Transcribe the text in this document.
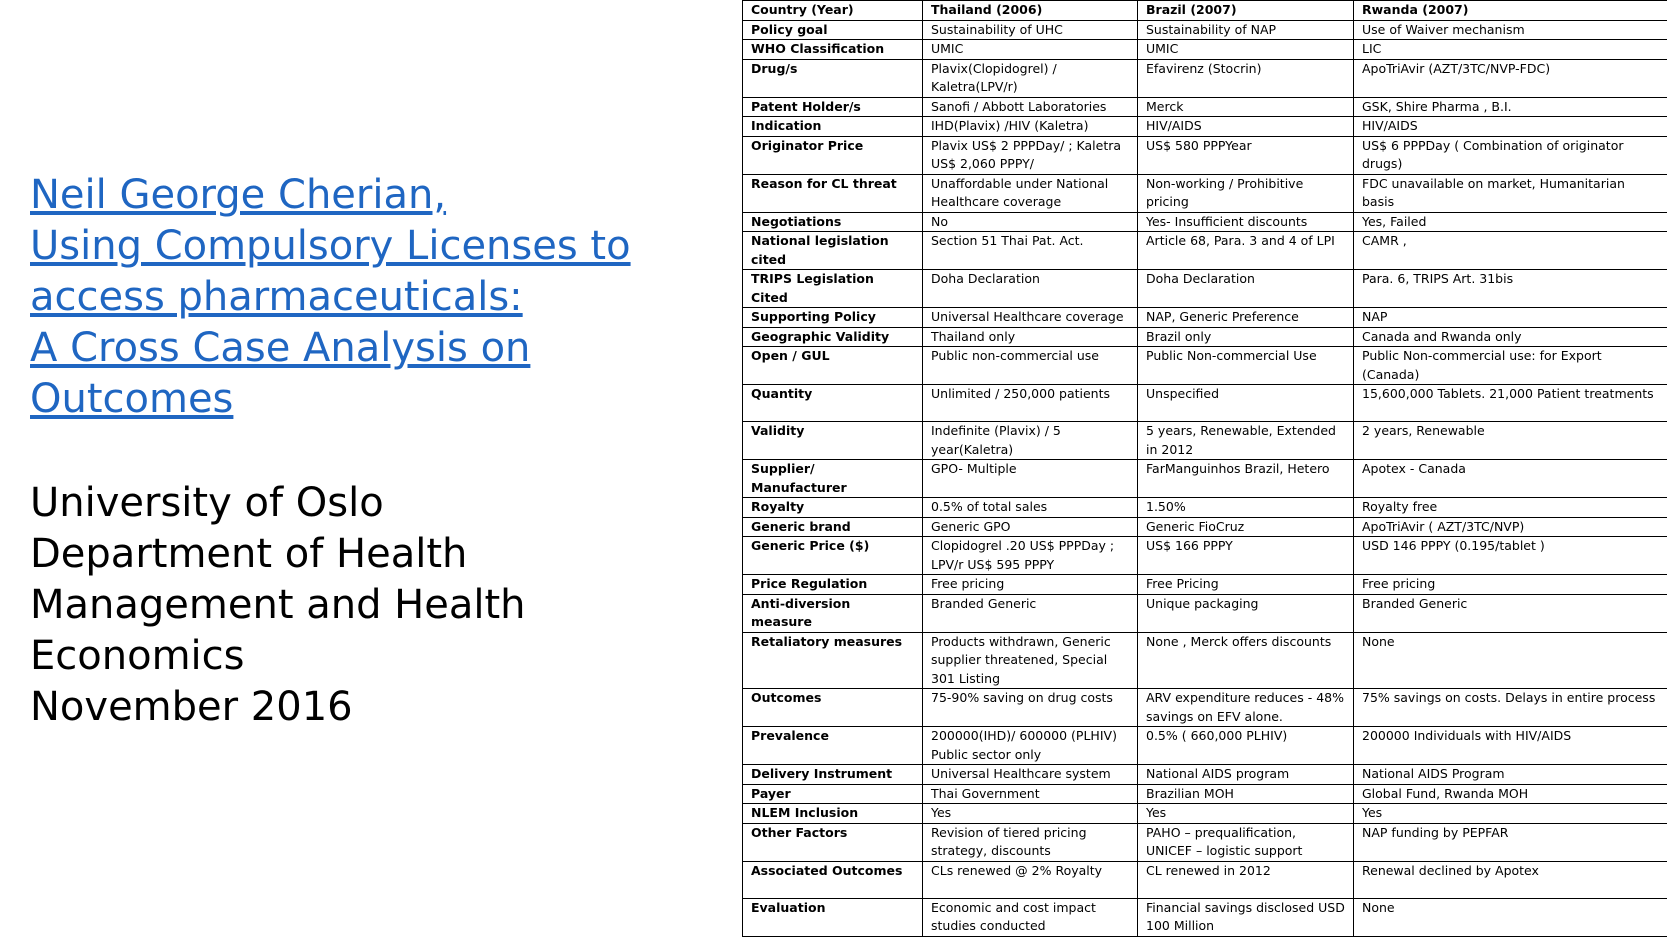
Neil George Cherian,
Using Compulsory Licenses to
access pharmaceuticals:
A Cross Case Analysis on
Outcomes
University of Oslo
Department of Health
Management and Health
Economics
November 2016
Country (Year)	Thailand (2006)	Brazil (2007)	Rwanda (2007)
Policy goal	Sustainability of UHC	Sustainability of NAP	Use of Waiver mechanism
WHO Classification	UMIC	UMIC	LIC
Drug/s	Plavix(Clopidogrel) / Kaletra(LPV/r)	Efavirenz (Stocrin)	ApoTriAvir (AZT/3TC/NVP-FDC)
Patent Holder/s	Sanofi / Abbott Laboratories	Merck	GSK, Shire Pharma , B.I.
Indication	IHD(Plavix) /HIV (Kaletra)	HIV/AIDS	HIV/AIDS
Originator Price	Plavix US$ 2 PPPDay/ ; Kaletra US$ 2,060 PPPY/	US$ 580 PPPYear	US$ 6 PPPDay ( Combination of originator drugs)
Reason for CL threat	Unaffordable under National Healthcare coverage	Non-working / Prohibitive pricing	FDC unavailable on market, Humanitarian basis
Negotiations	No	Yes- Insufficient discounts	Yes, Failed
National legislation cited	Section 51 Thai Pat. Act.	Article 68, Para. 3 and 4 of LPI	CAMR ,
TRIPS Legislation Cited	Doha Declaration	Doha Declaration	Para. 6, TRIPS Art. 31bis
Supporting Policy	Universal Healthcare coverage	NAP, Generic Preference	NAP
Geographic Validity	Thailand only	Brazil only	Canada and Rwanda only
Open / GUL	Public non-commercial use	Public Non-commercial Use	Public Non-commercial use: for Export (Canada)
Quantity	Unlimited / 250,000 patients	Unspecified	15,600,000 Tablets. 21,000 Patient treatments
Validity	Indefinite (Plavix) / 5 year(Kaletra)	5 years, Renewable, Extended in 2012	2 years, Renewable
Supplier/ Manufacturer	GPO- Multiple	FarManguinhos Brazil, Hetero	Apotex - Canada
Royalty	0.5% of total sales	1.50%	Royalty free
Generic brand	Generic GPO	Generic FioCruz	ApoTriAvir ( AZT/3TC/NVP)
Generic Price ($)	Clopidogrel .20 US$ PPPDay ; LPV/r US$ 595 PPPY	US$ 166 PPPY	USD 146 PPPY (0.195/tablet )
Price Regulation	Free pricing	Free Pricing	Free pricing
Anti-diversion measure	Branded Generic	Unique packaging	Branded Generic
Retaliatory measures	Products withdrawn, Generic supplier threatened, Special 301 Listing	None , Merck offers discounts	None
Outcomes	75-90% saving on drug costs	ARV expenditure reduces - 48% savings on EFV alone.	75% savings on costs. Delays in entire process
Prevalence	200000(IHD)/ 600000 (PLHIV) Public sector only	0.5% ( 660,000 PLHIV)	200000 Individuals with HIV/AIDS
Delivery Instrument	Universal Healthcare system	National AIDS program	National AIDS Program
Payer	Thai Government	Brazilian MOH	Global Fund, Rwanda MOH
NLEM Inclusion	Yes	Yes	Yes
Other Factors	Revision of tiered pricing strategy, discounts	PAHO – prequalification, UNICEF – logistic support	NAP funding by PEPFAR
Associated Outcomes	CLs renewed @ 2% Royalty	CL renewed in 2012	Renewal declined by Apotex
Evaluation	Economic and cost impact studies conducted	Financial savings disclosed USD 100 Million	None
